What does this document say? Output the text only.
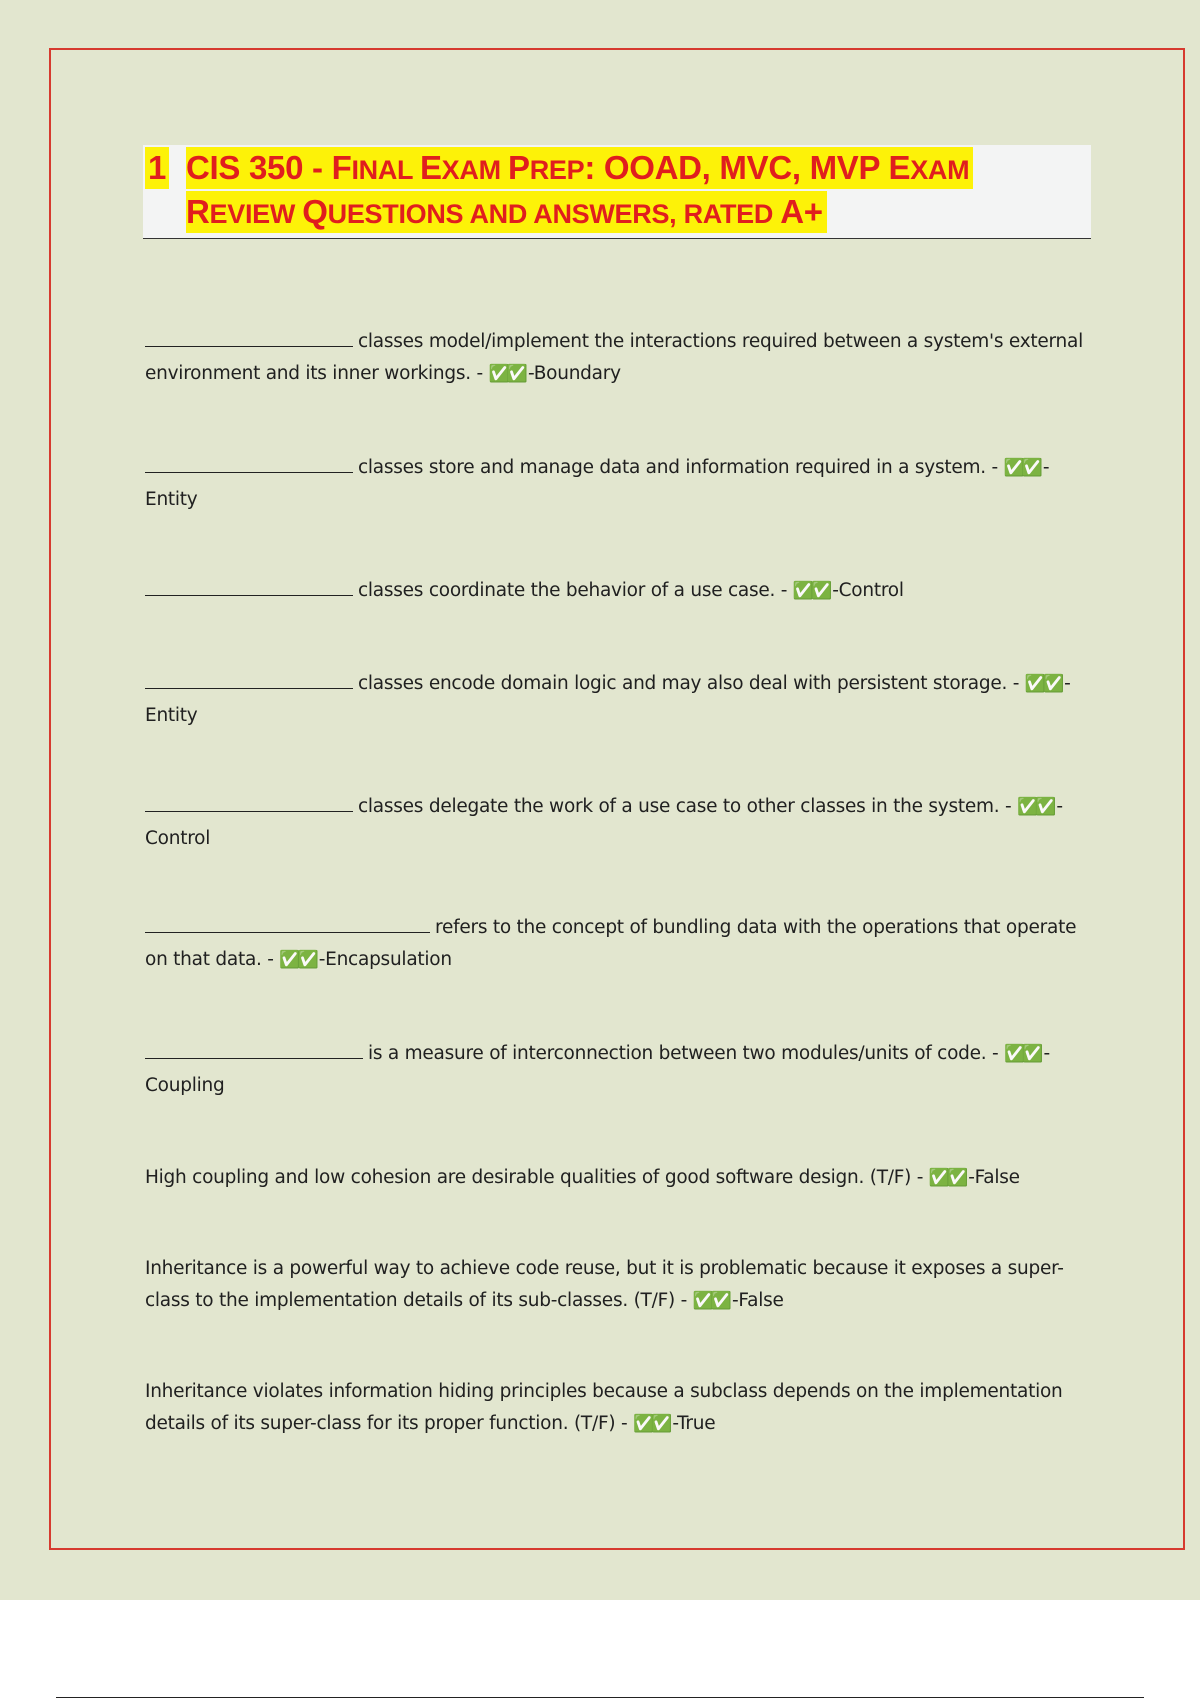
1 CIS 350 - FINAL EXAM PREP: OOAD, MVC, MVP EXAM
REVIEW QUESTIONS AND ANSWERS, RATED A+
classes model/implement the interactions required between a system's external environment and its inner workings. - ✅✅ -Boundary
classes store and manage data and information required in a system. - ✅✅ -Entity
classes coordinate the behavior of a use case. - ✅✅ -Control
classes encode domain logic and may also deal with persistent storage. - ✅✅ -Entity
classes delegate the work of a use case to other classes in the system. - ✅✅ -Control
refers to the concept of bundling data with the operations that operate on that data. - ✅✅ -Encapsulation
is a measure of interconnection between two modules/units of code. - ✅✅ -Coupling
High coupling and low cohesion are desirable qualities of good software design. (T/F) - ✅✅ -False
Inheritance is a powerful way to achieve code reuse, but it is problematic because it exposes a super-class to the implementation details of its sub-classes. (T/F) - ✅✅ -False
Inheritance violates information hiding principles because a subclass depends on the implementation details of its super-class for its proper function. (T/F) - ✅✅ -True
